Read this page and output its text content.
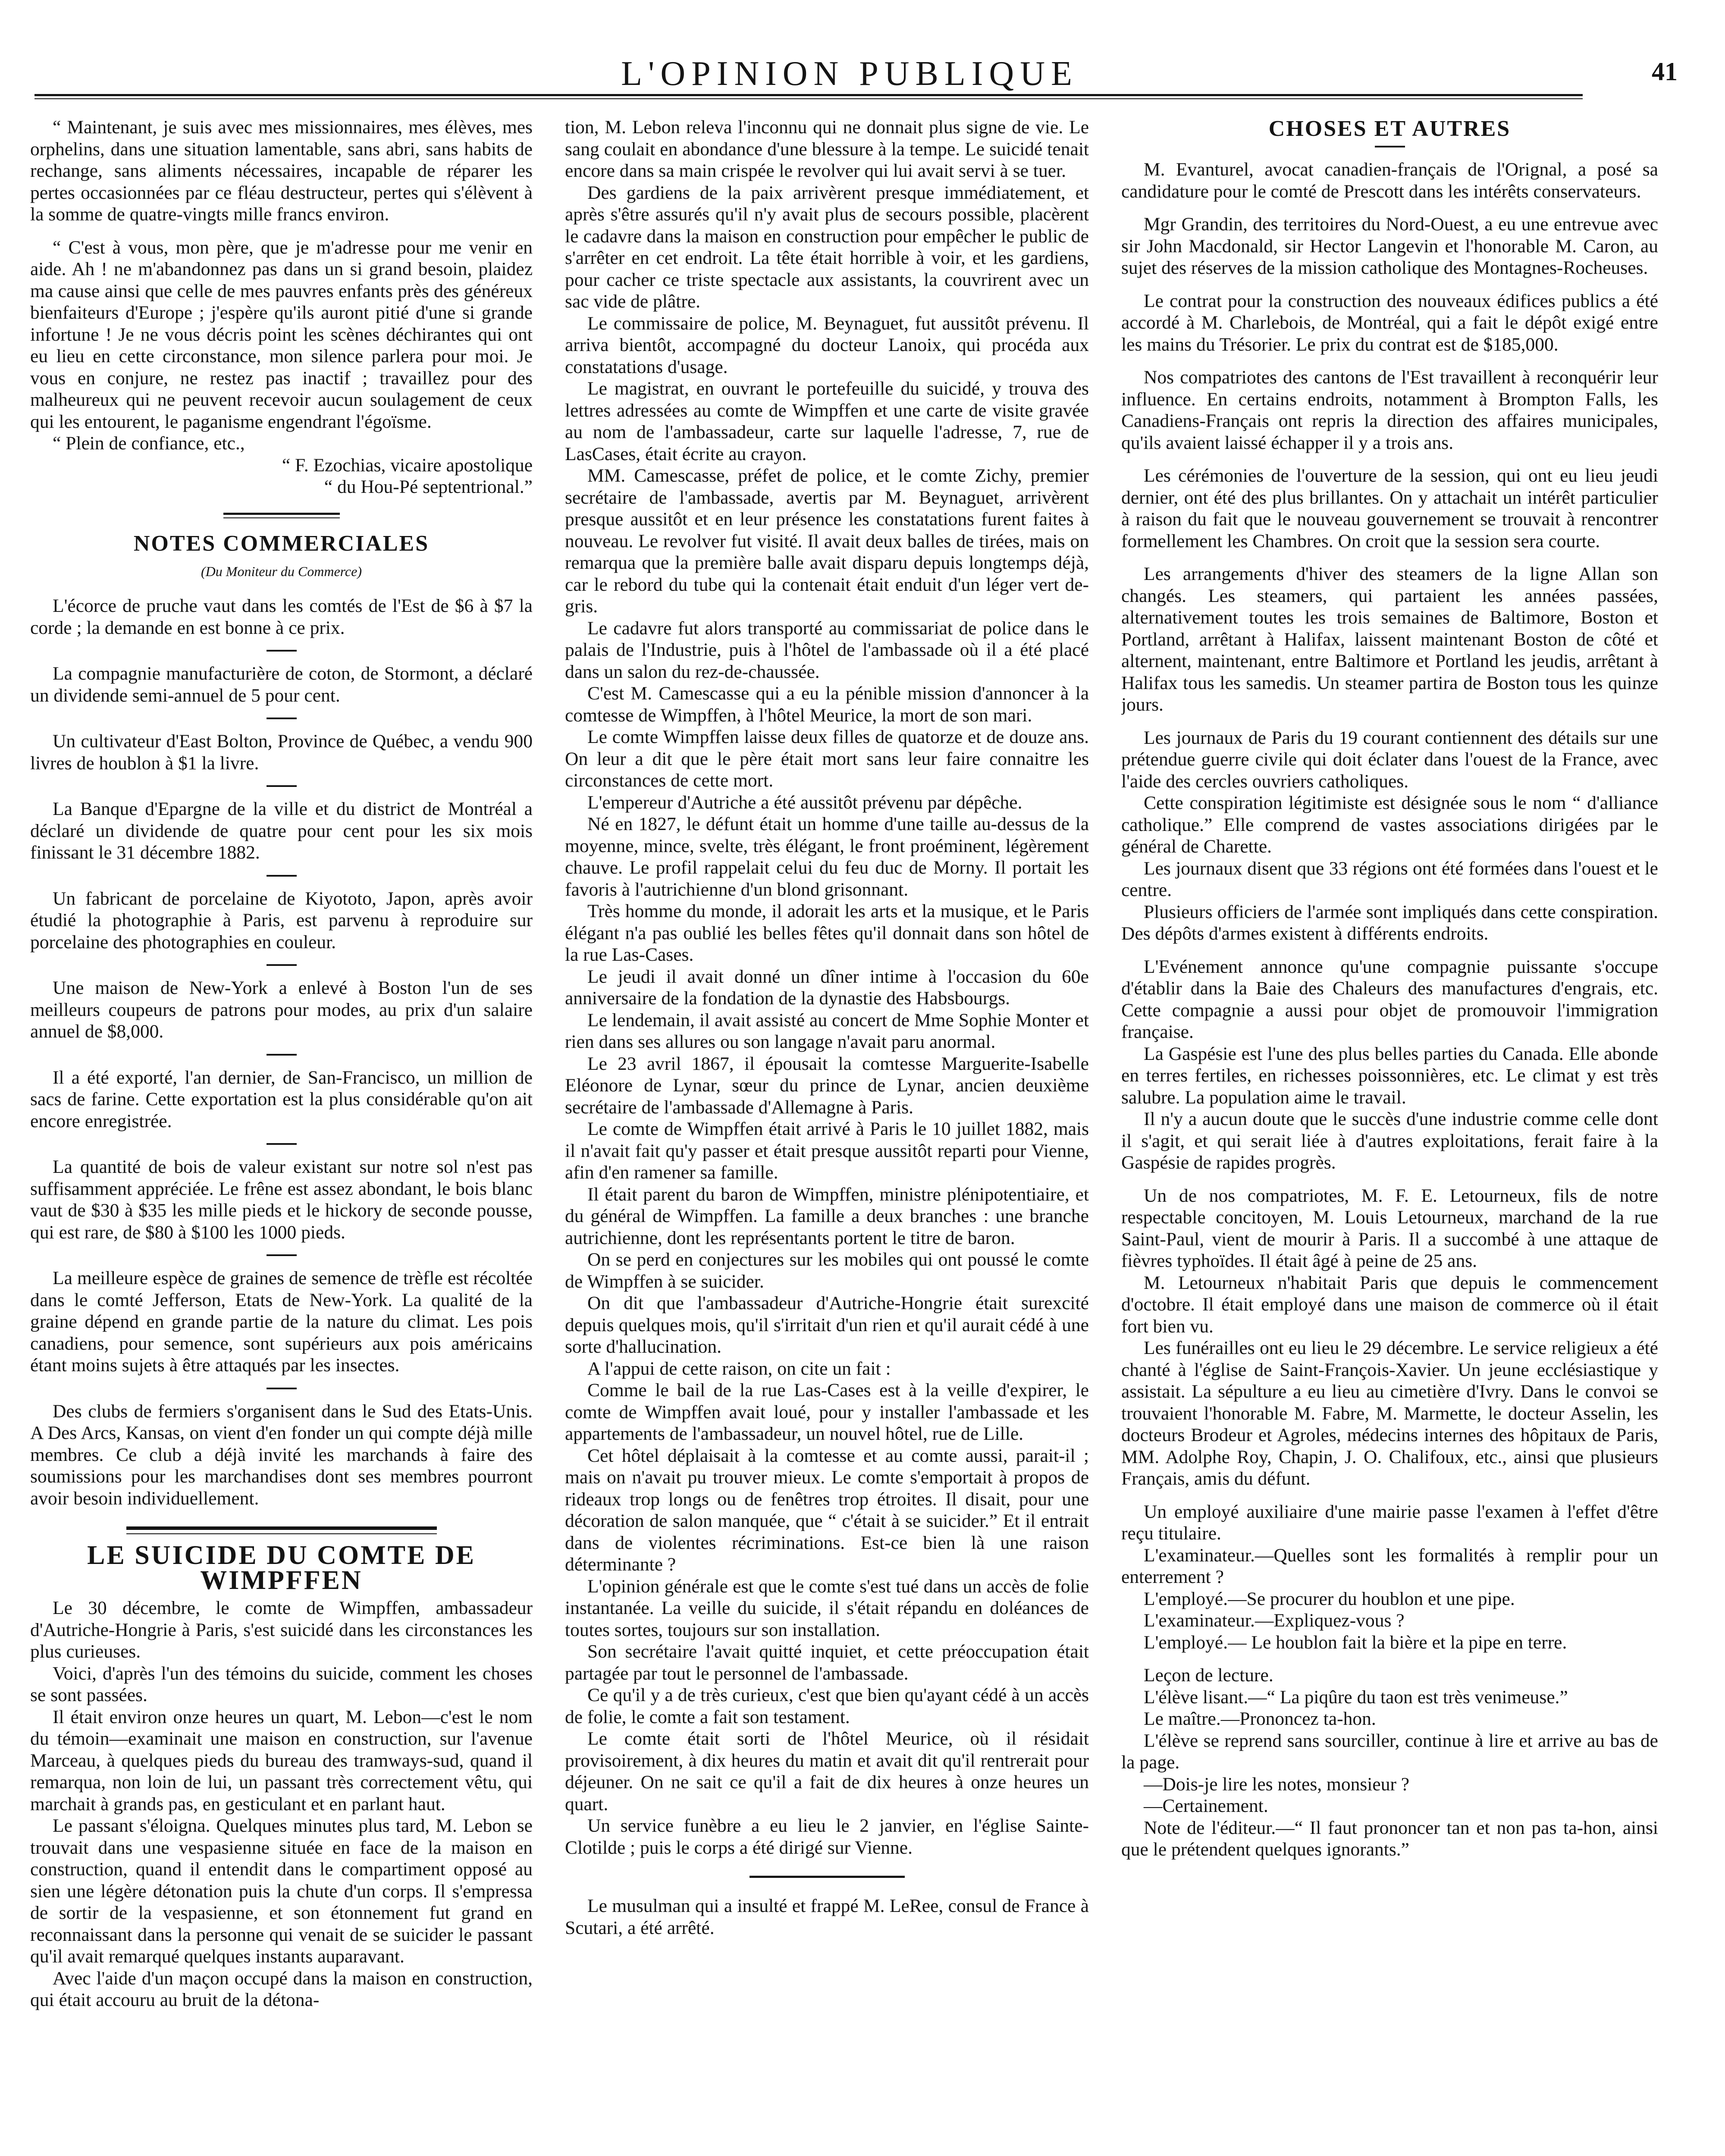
L'OPINION PUBLIQUE	41

“ Maintenant, je suis avec mes missionnaires, mes élèves, mes orphelins, dans une situation lamentable, sans abri, sans habits de rechange, sans aliments nécessaires, incapable de réparer les pertes occasionnées par ce fléau destructeur, pertes qui s'élèvent à la somme de quatre-vingts mille francs environ.

“ C'est à vous, mon père, que je m'adresse pour me venir en aide. Ah ! ne m'abandonnez pas dans un si grand besoin, plaidez ma cause ainsi que celle de mes pauvres enfants près des généreux bienfaiteurs d'Europe ; j'espère qu'ils auront pitié d'une si grande infortune ! Je ne vous décris point les scènes déchirantes qui ont eu lieu en cette circonstance, mon silence parlera pour moi. Je vous en conjure, ne restez pas inactif ; travaillez pour des malheureux qui ne peuvent recevoir aucun soulagement de ceux qui les entourent, le paganisme engendrant l'égoïsme.

“ Plein de confiance, etc.,

“ F. Ezochias, vicaire apostolique

“ du Hou-Pé septentrional.”

NOTES COMMERCIALES
(Du Moniteur du Commerce)

L'écorce de pruche vaut dans les comtés de l'Est de $6 à $7 la corde ; la demande en est bonne à ce prix.

La compagnie manufacturière de coton, de Stormont, a déclaré un dividende semi-annuel de 5 pour cent.

Un cultivateur d'East Bolton, Province de Québec, a vendu 900 livres de houblon à $1 la livre.

La Banque d'Epargne de la ville et du district de Montréal a déclaré un dividende de quatre pour cent pour les six mois finissant le 31 décembre 1882.

Un fabricant de porcelaine de Kiyototo, Japon, après avoir étudié la photographie à Paris, est parvenu à reproduire sur porcelaine des photographies en couleur.

Une maison de New-York a enlevé à Boston l'un de ses meilleurs coupeurs de patrons pour modes, au prix d'un salaire annuel de $8,000.

Il a été exporté, l'an dernier, de San-Francisco, un million de sacs de farine. Cette exportation est la plus considérable qu'on ait encore enregistrée.

La quantité de bois de valeur existant sur notre sol n'est pas suffisamment appréciée. Le frêne est assez abondant, le bois blanc vaut de $30 à $35 les mille pieds et le hickory de seconde pousse, qui est rare, de $80 à $100 les 1000 pieds.

La meilleure espèce de graines de semence de trèfle est récoltée dans le comté Jefferson, Etats de New-York. La qualité de la graine dépend en grande partie de la nature du climat. Les pois canadiens, pour semence, sont supérieurs aux pois américains étant moins sujets à être attaqués par les insectes.

Des clubs de fermiers s'organisent dans le Sud des Etats-Unis. A Des Arcs, Kansas, on vient d'en fonder un qui compte déjà mille membres. Ce club a déjà invité les marchands à faire des soumissions pour les marchandises dont ses membres pourront avoir besoin individuellement.

LE SUICIDE DU COMTE DE WIMPFFEN

Le 30 décembre, le comte de Wimpffen, ambassadeur d'Autriche-Hongrie à Paris, s'est suicidé dans les circonstances les plus curieuses.

Voici, d'après l'un des témoins du suicide, comment les choses se sont passées.

Il était environ onze heures un quart, M. Lebon—c'est le nom du témoin—examinait une maison en construction, sur l'avenue Marceau, à quelques pieds du bureau des tramways-sud, quand il remarqua, non loin de lui, un passant très correctement vêtu, qui marchait à grands pas, en gesticulant et en parlant haut.

Le passant s'éloigna. Quelques minutes plus tard, M. Lebon se trouvait dans une vespasienne située en face de la maison en construction, quand il entendit dans le compartiment opposé au sien une légère détonation puis la chute d'un corps. Il s'empressa de sortir de la vespasienne, et son étonnement fut grand en reconnaissant dans la personne qui venait de se suicider le passant qu'il avait remarqué quelques instants auparavant.

Avec l'aide d'un maçon occupé dans la maison en construction, qui était accouru au bruit de la détona-

tion, M. Lebon releva l'inconnu qui ne donnait plus signe de vie. Le sang coulait en abondance d'une blessure à la tempe. Le suicidé tenait encore dans sa main crispée le revolver qui lui avait servi à se tuer.

Des gardiens de la paix arrivèrent presque immédiatement, et après s'être assurés qu'il n'y avait plus de secours possible, placèrent le cadavre dans la maison en construction pour empêcher le public de s'arrêter en cet endroit. La tête était horrible à voir, et les gardiens, pour cacher ce triste spectacle aux assistants, la couvrirent avec un sac vide de plâtre.

Le commissaire de police, M. Beynaguet, fut aussitôt prévenu. Il arriva bientôt, accompagné du docteur Lanoix, qui procéda aux constatations d'usage.

Le magistrat, en ouvrant le portefeuille du suicidé, y trouva des lettres adressées au comte de Wimpffen et une carte de visite gravée au nom de l'ambassadeur, carte sur laquelle l'adresse, 7, rue de LasCases, était écrite au crayon.

MM. Camescasse, préfet de police, et le comte Zichy, premier secrétaire de l'ambassade, avertis par M. Beynaguet, arrivèrent presque aussitôt et en leur présence les constatations furent faites à nouveau. Le revolver fut visité. Il avait deux balles de tirées, mais on remarqua que la première balle avait disparu depuis longtemps déjà, car le rebord du tube qui la contenait était enduit d'un léger vert de-gris.

Le cadavre fut alors transporté au commissariat de police dans le palais de l'Industrie, puis à l'hôtel de l'ambassade où il a été placé dans un salon du rez-de-chaussée.

C'est M. Camescasse qui a eu la pénible mission d'annoncer à la comtesse de Wimpffen, à l'hôtel Meurice, la mort de son mari.

Le comte Wimpffen laisse deux filles de quatorze et de douze ans. On leur a dit que le père était mort sans leur faire connaitre les circonstances de cette mort.

L'empereur d'Autriche a été aussitôt prévenu par dépêche.

Né en 1827, le défunt était un homme d'une taille au-dessus de la moyenne, mince, svelte, très élégant, le front proéminent, légèrement chauve. Le profil rappelait celui du feu duc de Morny. Il portait les favoris à l'autrichienne d'un blond grisonnant.

Très homme du monde, il adorait les arts et la musique, et le Paris élégant n'a pas oublié les belles fêtes qu'il donnait dans son hôtel de la rue Las-Cases.

Le jeudi il avait donné un dîner intime à l'occasion du 60e anniversaire de la fondation de la dynastie des Habsbourgs.

Le lendemain, il avait assisté au concert de Mme Sophie Monter et rien dans ses allures ou son langage n'avait paru anormal.

Le 23 avril 1867, il épousait la comtesse Marguerite-Isabelle Eléonore de Lynar, sœur du prince de Lynar, ancien deuxième secrétaire de l'ambassade d'Allemagne à Paris.

Le comte de Wimpffen était arrivé à Paris le 10 juillet 1882, mais il n'avait fait qu'y passer et était presque aussitôt reparti pour Vienne, afin d'en ramener sa famille.

Il était parent du baron de Wimpffen, ministre plénipotentiaire, et du général de Wimpffen. La famille a deux branches : une branche autrichienne, dont les représentants portent le titre de baron.

On se perd en conjectures sur les mobiles qui ont poussé le comte de Wimpffen à se suicider.

On dit que l'ambassadeur d'Autriche-Hongrie était surexcité depuis quelques mois, qu'il s'irritait d'un rien et qu'il aurait cédé à une sorte d'hallucination.

A l'appui de cette raison, on cite un fait :

Comme le bail de la rue Las-Cases est à la veille d'expirer, le comte de Wimpffen avait loué, pour y installer l'ambassade et les appartements de l'ambassadeur, un nouvel hôtel, rue de Lille.

Cet hôtel déplaisait à la comtesse et au comte aussi, parait-il ; mais on n'avait pu trouver mieux. Le comte s'emportait à propos de rideaux trop longs ou de fenêtres trop étroites. Il disait, pour une décoration de salon manquée, que “ c'était à se suicider.” Et il entrait dans de violentes récriminations. Est-ce bien là une raison déterminante ?

L'opinion générale est que le comte s'est tué dans un accès de folie instantanée. La veille du suicide, il s'était répandu en doléances de toutes sortes, toujours sur son installation.

Son secrétaire l'avait quitté inquiet, et cette préoccupation était partagée par tout le personnel de l'ambassade.

Ce qu'il y a de très curieux, c'est que bien qu'ayant cédé à un accès de folie, le comte a fait son testament.

Le comte était sorti de l'hôtel Meurice, où il résidait provisoirement, à dix heures du matin et avait dit qu'il rentrerait pour déjeuner. On ne sait ce qu'il a fait de dix heures à onze heures un quart.

Un service funèbre a eu lieu le 2 janvier, en l'église Sainte-Clotilde ; puis le corps a été dirigé sur Vienne.

Le musulman qui a insulté et frappé M. LeRee, consul de France à Scutari, a été arrêté.

CHOSES ET AUTRES

M. Evanturel, avocat canadien-français de l'Orignal, a posé sa candidature pour le comté de Prescott dans les intérêts conservateurs.

Mgr Grandin, des territoires du Nord-Ouest, a eu une entrevue avec sir John Macdonald, sir Hector Langevin et l'honorable M. Caron, au sujet des réserves de la mission catholique des Montagnes-Rocheuses.

Le contrat pour la construction des nouveaux édifices publics a été accordé à M. Charlebois, de Montréal, qui a fait le dépôt exigé entre les mains du Trésorier. Le prix du contrat est de $185,000.

Nos compatriotes des cantons de l'Est travaillent à reconquérir leur influence. En certains endroits, notamment à Brompton Falls, les Canadiens-Français ont repris la direction des affaires municipales, qu'ils avaient laissé échapper il y a trois ans.

Les cérémonies de l'ouverture de la session, qui ont eu lieu jeudi dernier, ont été des plus brillantes. On y attachait un intérêt particulier à raison du fait que le nouveau gouvernement se trouvait à rencontrer formellement les Chambres. On croit que la session sera courte.

Les arrangements d'hiver des steamers de la ligne Allan son changés. Les steamers, qui partaient les années passées, alternativement toutes les trois semaines de Baltimore, Boston et Portland, arrêtant à Halifax, laissent maintenant Boston de côté et alternent, maintenant, entre Baltimore et Portland les jeudis, arrêtant à Halifax tous les samedis. Un steamer partira de Boston tous les quinze jours.

Les journaux de Paris du 19 courant contiennent des détails sur une prétendue guerre civile qui doit éclater dans l'ouest de la France, avec l'aide des cercles ouvriers catholiques.

Cette conspiration légitimiste est désignée sous le nom “ d'alliance catholique.” Elle comprend de vastes associations dirigées par le général de Charette.

Les journaux disent que 33 régions ont été formées dans l'ouest et le centre.

Plusieurs officiers de l'armée sont impliqués dans cette conspiration. Des dépôts d'armes existent à différents endroits.

L'Evénement annonce qu'une compagnie puissante s'occupe d'établir dans la Baie des Chaleurs des manufactures d'engrais, etc. Cette compagnie a aussi pour objet de promouvoir l'immigration française.

La Gaspésie est l'une des plus belles parties du Canada. Elle abonde en terres fertiles, en richesses poissonnières, etc. Le climat y est très salubre. La population aime le travail.

Il n'y a aucun doute que le succès d'une industrie comme celle dont il s'agit, et qui serait liée à d'autres exploitations, ferait faire à la Gaspésie de rapides progrès.

Un de nos compatriotes, M. F. E. Letourneux, fils de notre respectable concitoyen, M. Louis Letourneux, marchand de la rue Saint-Paul, vient de mourir à Paris. Il a succombé à une attaque de fièvres typhoïdes. Il était âgé à peine de 25 ans.

M. Letourneux n'habitait Paris que depuis le commencement d'octobre. Il était employé dans une maison de commerce où il était fort bien vu.

Les funérailles ont eu lieu le 29 décembre. Le service religieux a été chanté à l'église de Saint-François-Xavier. Un jeune ecclésiastique y assistait. La sépulture a eu lieu au cimetière d'Ivry. Dans le convoi se trouvaient l'honorable M. Fabre, M. Marmette, le docteur Asselin, les docteurs Brodeur et Agroles, médecins internes des hôpitaux de Paris, MM. Adolphe Roy, Chapin, J. O. Chalifoux, etc., ainsi que plusieurs Français, amis du défunt.

Un employé auxiliaire d'une mairie passe l'examen à l'effet d'être reçu titulaire.

L'examinateur.—Quelles sont les formalités à remplir pour un enterrement ?

L'employé.—Se procurer du houblon et une pipe.

L'examinateur.—Expliquez-vous ?

L'employé.— Le houblon fait la bière et la pipe en terre.

Leçon de lecture.

L'élève lisant.—“ La piqûre du taon est très venimeuse.”

Le maître.—Prononcez ta-hon.

L'élève se reprend sans sourciller, continue à lire et arrive au bas de la page.

—Dois-je lire les notes, monsieur ?

—Certainement.

Note de l'éditeur.—“ Il faut prononcer tan et non pas ta-hon, ainsi que le prétendent quelques ignorants.”
